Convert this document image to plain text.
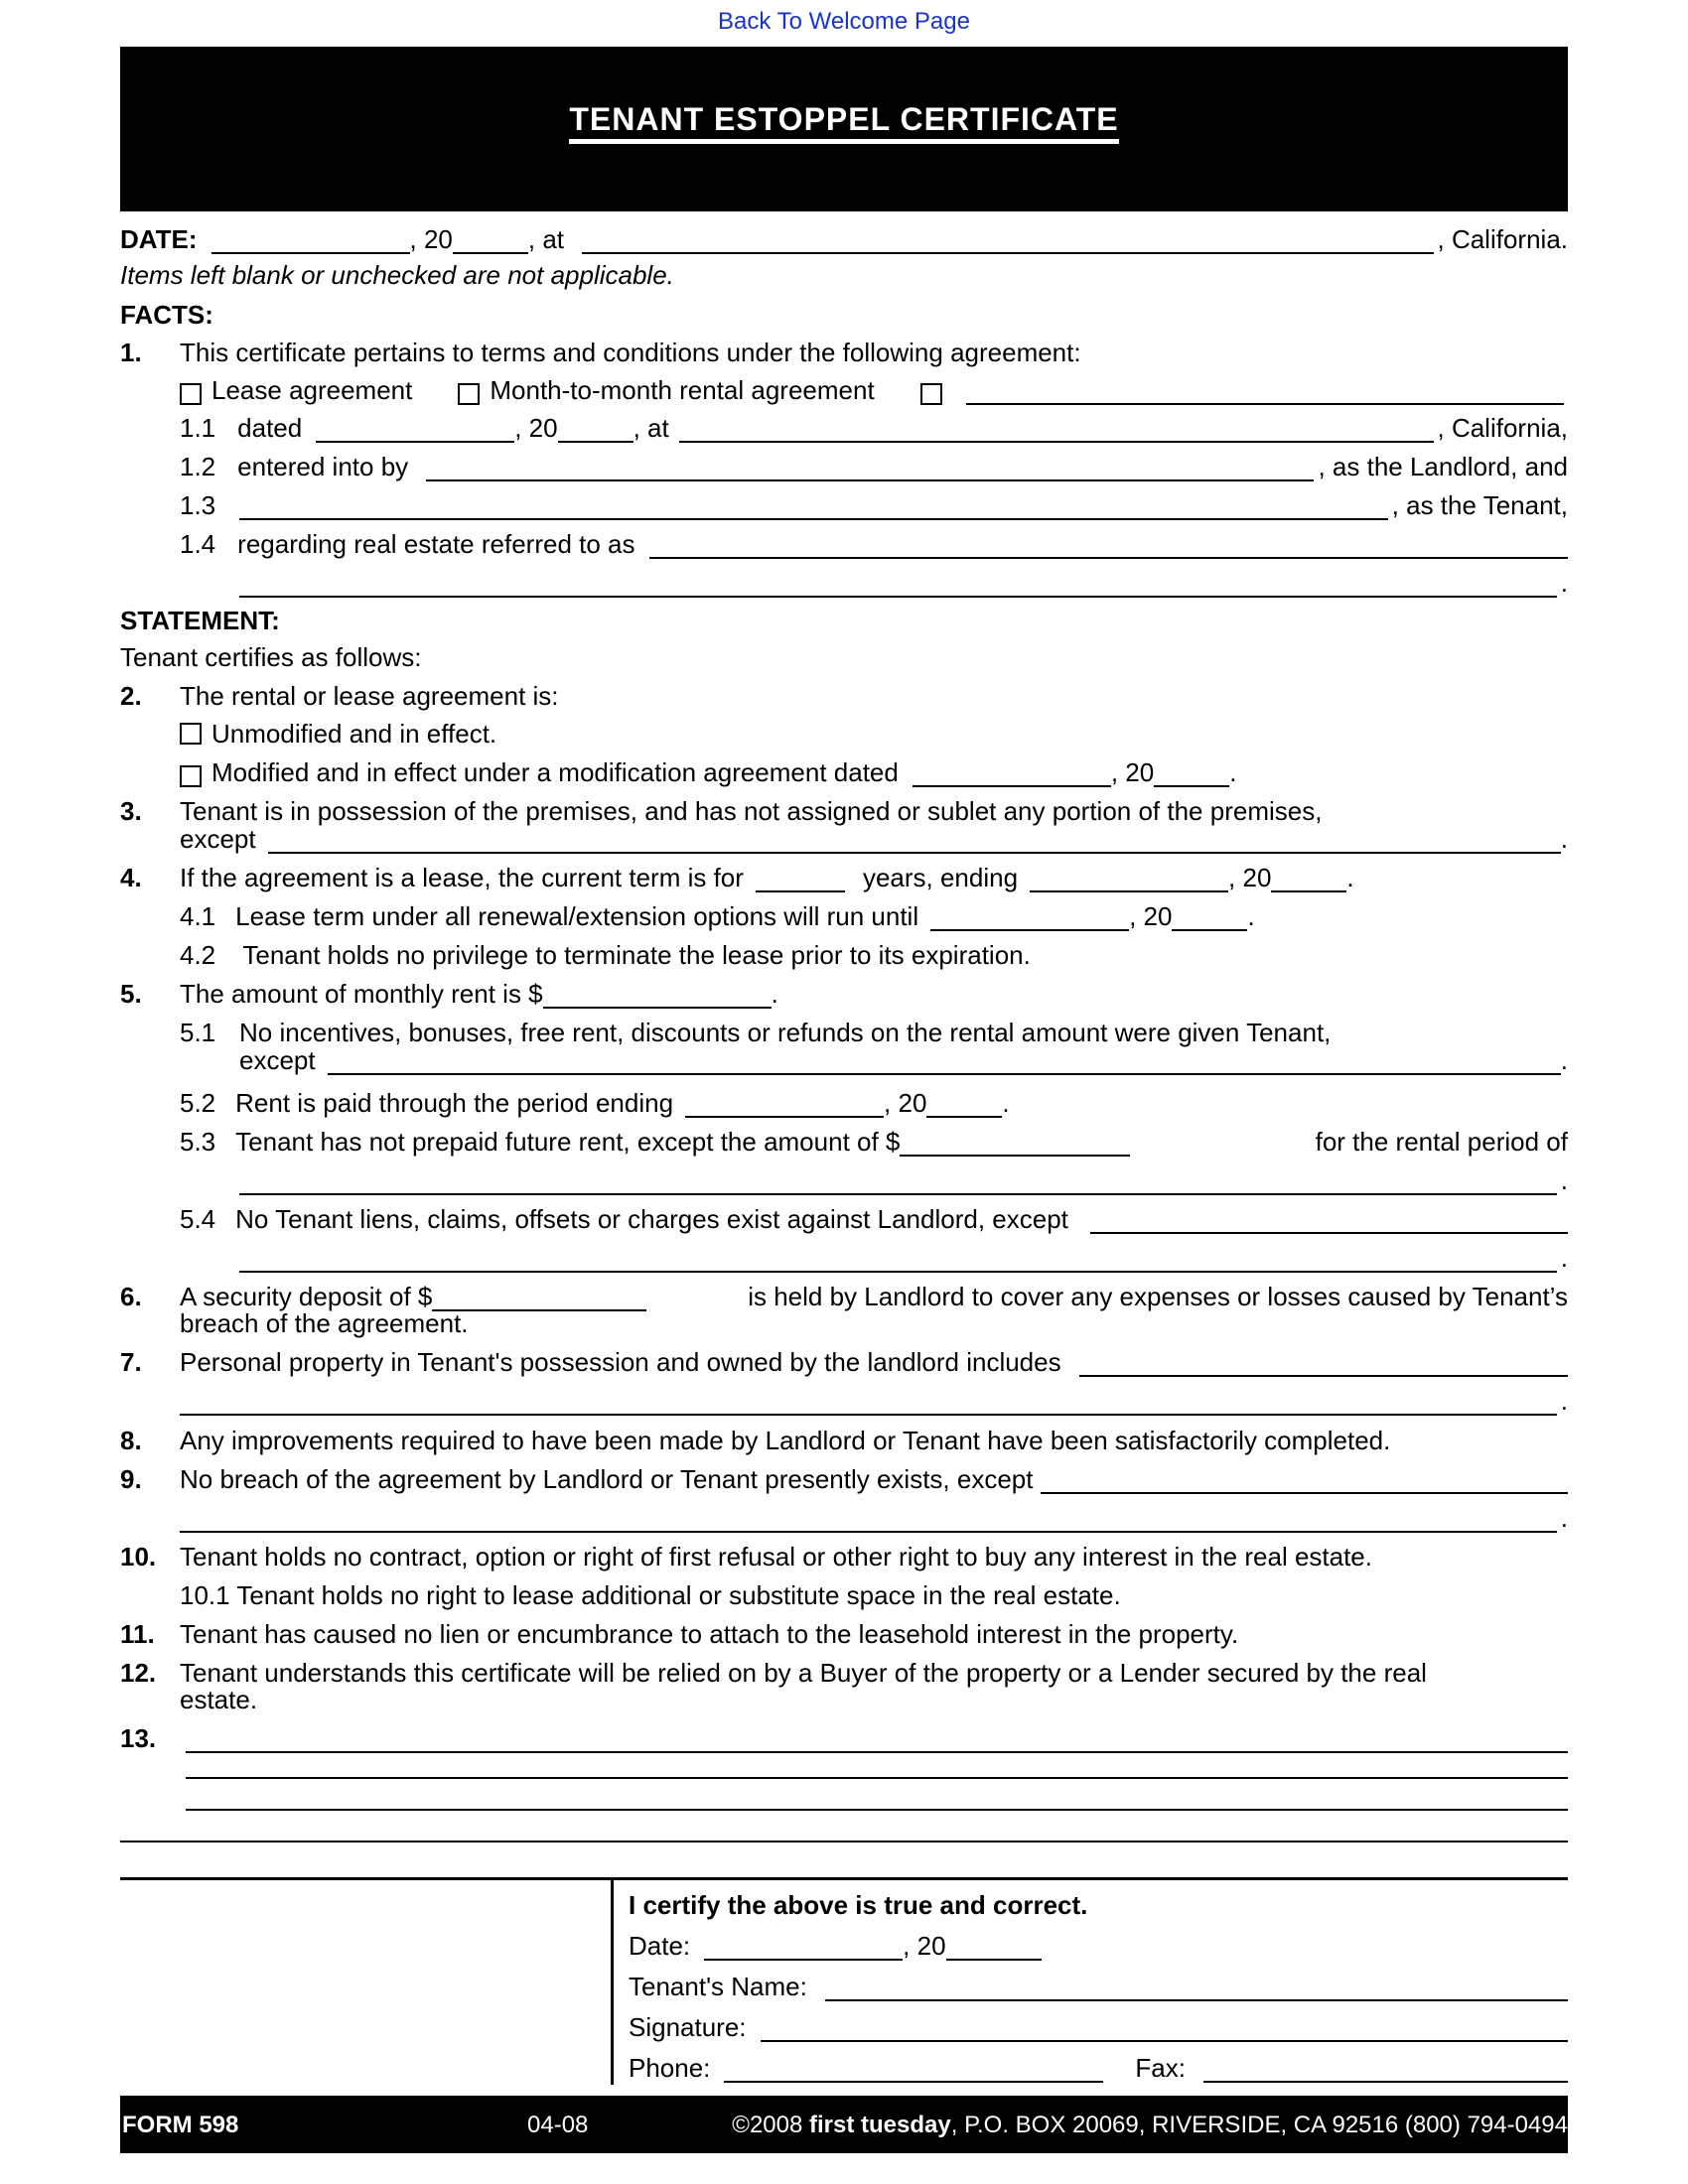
Back To Welcome Page
TENANT ESTOPPEL CERTIFICATE
DATE:	, 20	, at	, California.
Items left blank or unchecked are not applicable.
FACTS:
1. This certificate pertains to terms and conditions under the following agreement:
Lease agreement	Month-to-month rental agreement
1.1 dated	, 20	, at	, California,
1.2 entered into by	, as the Landlord, and
1.3	, as the Tenant,
1.4 regarding real estate referred to as
.
STATEMENT:
Tenant certifies as follows:
2. The rental or lease agreement is:
Unmodified and in effect.
Modified and in effect under a modification agreement dated	, 20	.
3. Tenant is in possession of the premises, and has not assigned or sublet any portion of the premises,
except	.
4.	If the agreement is a lease, the current term is for	years, ending	, 20	.
4.1 Lease term under all renewal/extension options will run until	, 20	.
4.2 Tenant holds no privilege to terminate the lease prior to its expiration.
5.	The amount of monthly rent is $	.
5.1 No incentives, bonuses, free rent, discounts or refunds on the rental amount were given Tenant,
except	.
5.2 Rent is paid through the period ending	, 20	.
5.3 Tenant has not prepaid future rent, except the amount of $	for the rental period of
.
5.4 No Tenant liens, claims, offsets or charges exist against Landlord, except
.
6.	A security deposit of $	is held by Landlord to cover any expenses or losses caused by Tenant’s
breach of the agreement.
7.	Personal property in Tenant's possession and owned by the landlord includes
.
8. Any improvements required to have been made by Landlord or Tenant have been satisfactorily completed.
9.	No breach of the agreement by Landlord or Tenant presently exists, except
.
10. Tenant holds no contract, option or right of first refusal or other right to buy any interest in the real estate.
10.1 Tenant holds no right to lease additional or substitute space in the real estate.
11. Tenant has caused no lien or encumbrance to attach to the leasehold interest in the property.
12. Tenant understands this certificate will be relied on by a Buyer of the property or a Lender secured by the real
estate.
13.
I certify the above is true and correct.
Date:	, 20
Tenant's Name:
Signature:
Phone:	Fax:
FORM 598	04-08	©2008 first tuesday, P.O. BOX 20069, RIVERSIDE, CA 92516 (800) 794-0494
